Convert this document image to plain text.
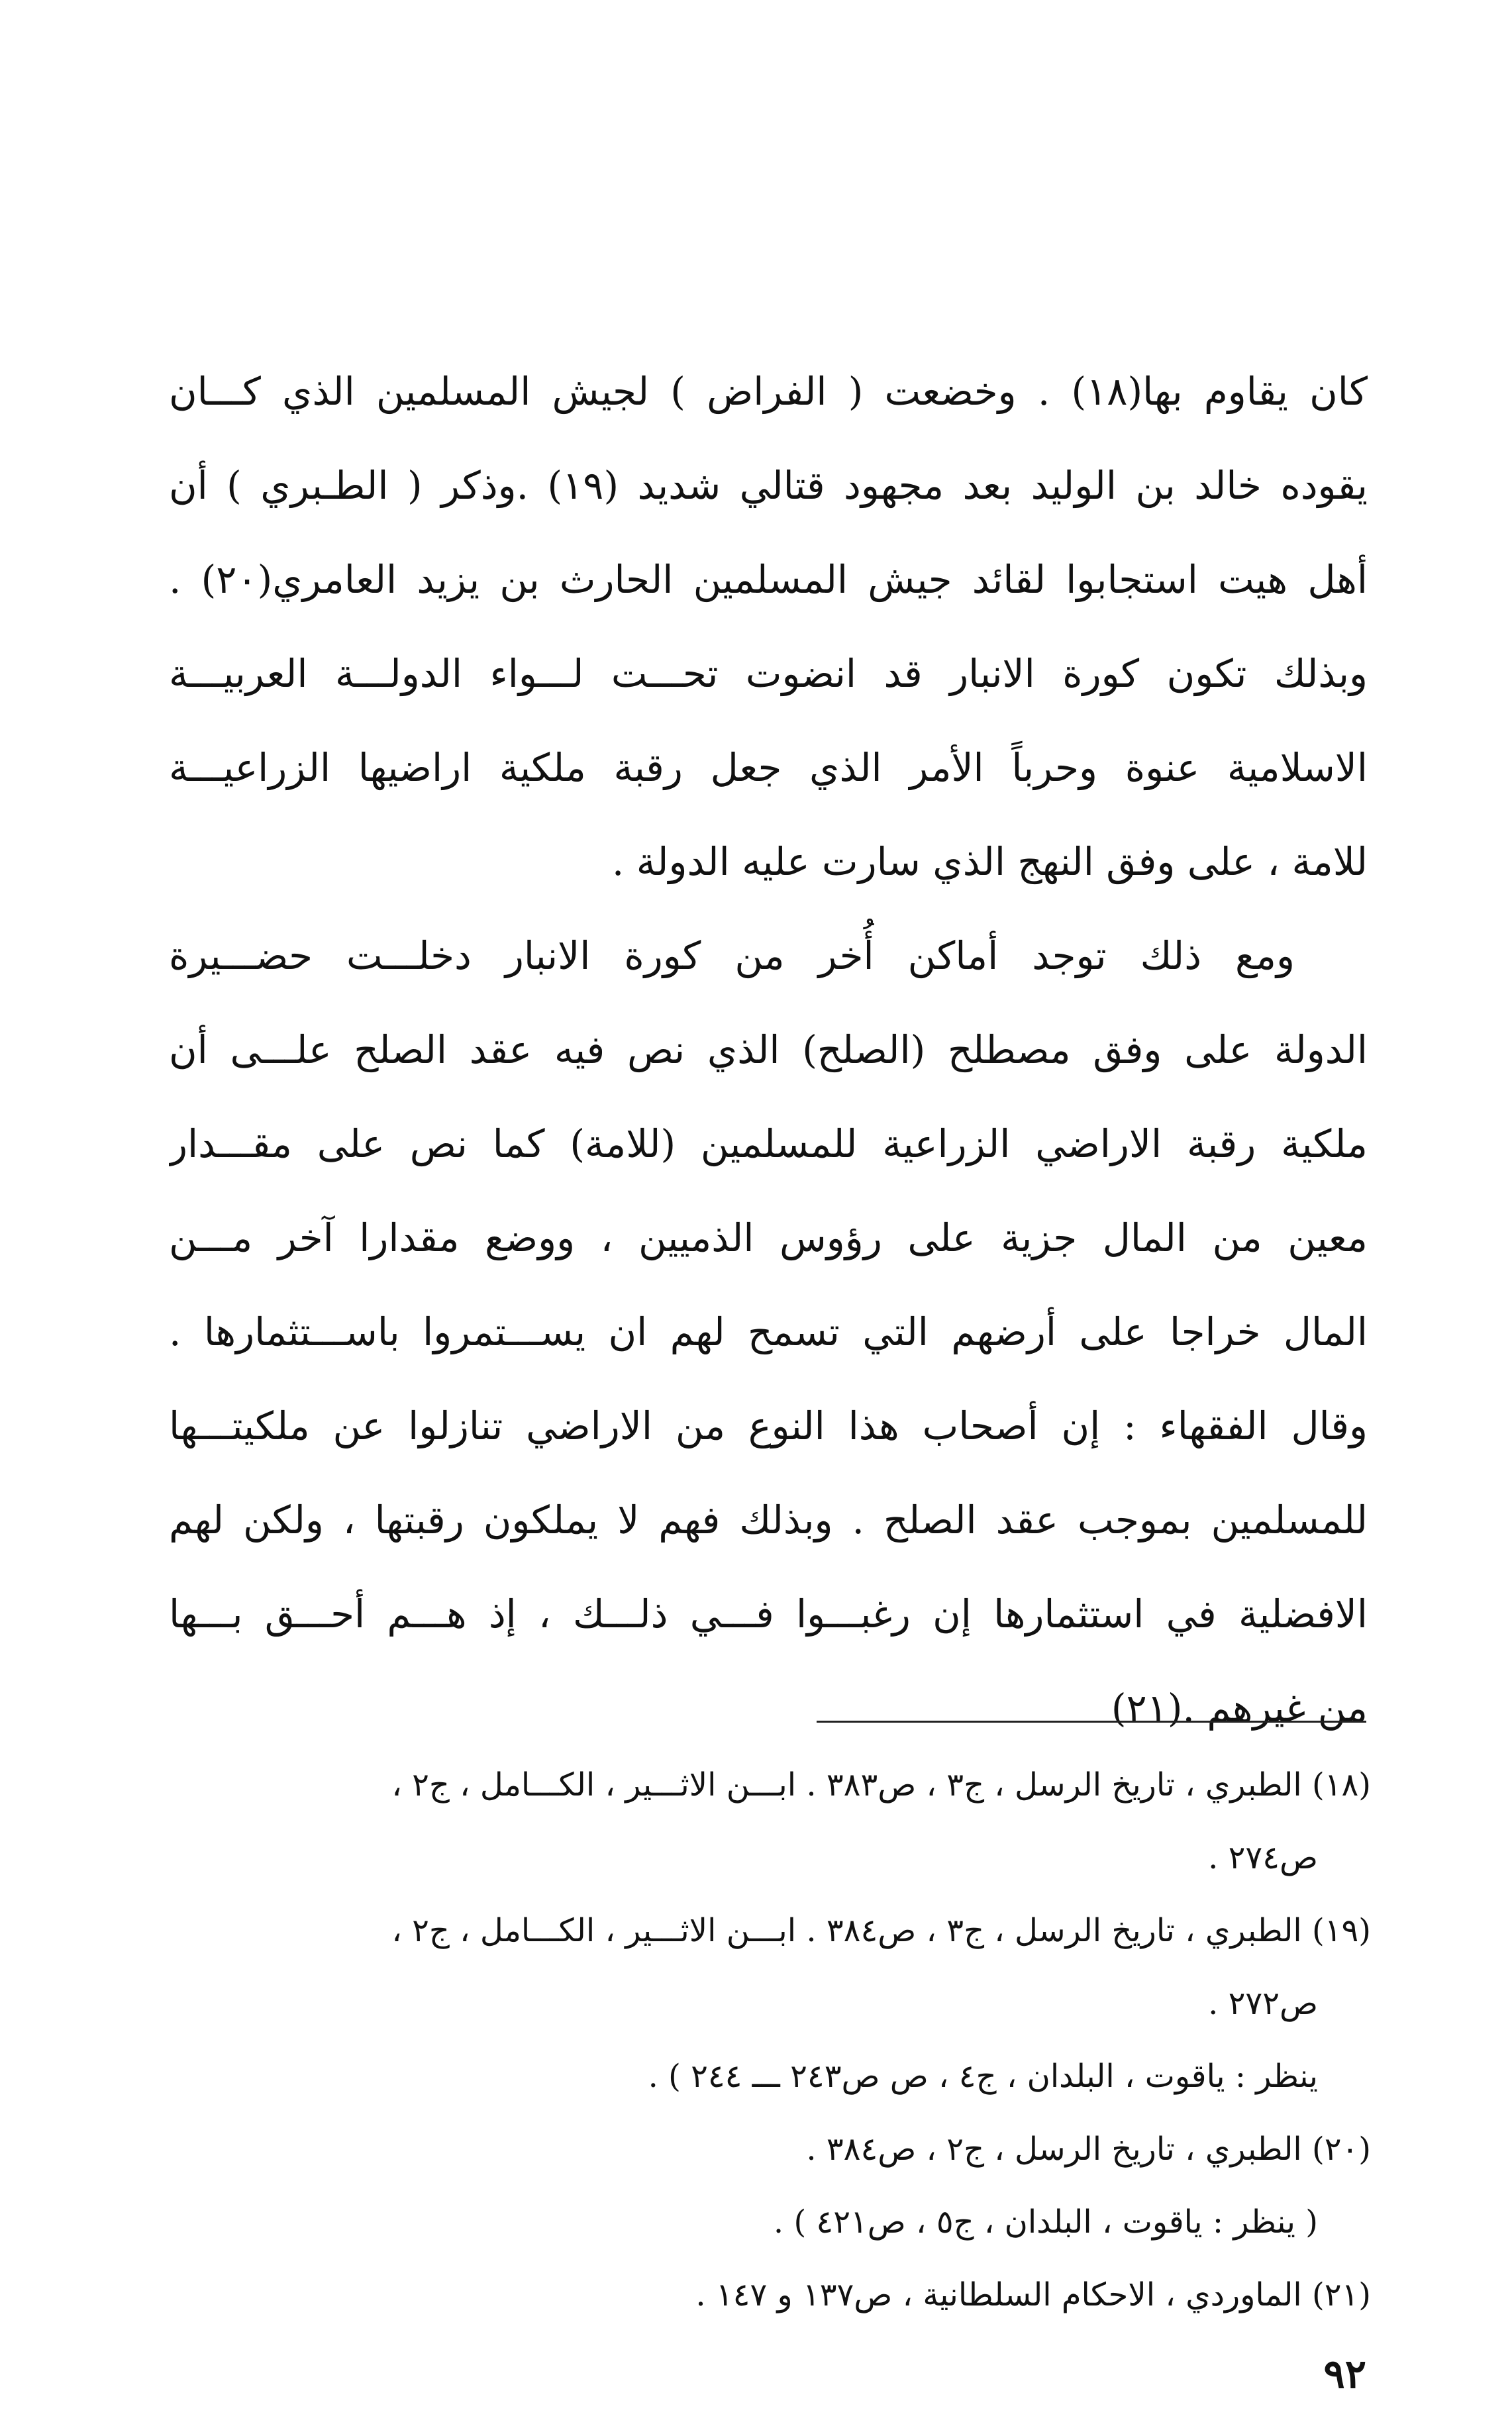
كان يقاوم بها(١٨) . وخضعت ( الفراض ) لجيش المسلمين الذي كـــان
يقوده خالد بن الوليد بعد مجهود قتالي شديد (١٩) .وذكر ( الطـبري ) أن
أهل هيت استجابوا لقائد جيش المسلمين الحارث بن يزيد العامري(٢٠) .
وبذلك تكون كورة الانبار قد انضوت تحـــت لـــواء الدولـــة العربيـــة
الاسلامية عنوة وحرباً الأمر الذي جعل رقبة ملكية اراضيها الزراعيـــة
للامة ، على وفق النهج الذي سارت عليه الدولة .
ومع ذلك توجد أماكن أُخر من كورة الانبار دخلـــت حضـــيرة
الدولة على وفق مصطلح (الصلح) الذي نص فيه عقد الصلح علـــى أن
ملكية رقبة الاراضي الزراعية للمسلمين (للامة) كما نص على مقـــدار
معين من المال جزية على رؤوس الذميين ، ووضع مقدارا آخر مـــن
المال خراجا على أرضهم التي تسمح لهم ان يســـتمروا باســـتثمارها .
وقال الفقهاء : إن أصحاب هذا النوع من الاراضي تنازلوا عن ملكيتـــها
للمسلمين بموجب عقد الصلح . وبذلك فهم لا يملكون رقبتها ، ولكن لهم
الافضلية في استثمارها إن رغبـــوا فـــي ذلـــك ، إذ هـــم أحـــق بـــها
من غيرهم .(٢١)
(١٨) الطبري ، تاريخ الرسل ، ج٣ ، ص٣٨٣ . ابـــن الاثـــير ، الكـــامل ، ج٢ ،
ص٢٧٤ .
(١٩) الطبري ، تاريخ الرسل ، ج٣ ، ص٣٨٤ . ابـــن الاثـــير ، الكـــامل ، ج٢ ،
ص٢٧٢ .
ينظر : ياقوت ، البلدان ، ج٤ ، ص ص٢٤٣ ـــ ٢٤٤ ) .
(٢٠) الطبري ، تاريخ الرسل ، ج٢ ، ص٣٨٤ .
( ينظر : ياقوت ، البلدان ، ج٥ ، ص٤٢١ ) .
(٢١) الماوردي ، الاحكام السلطانية ، ص١٣٧ و ١٤٧ .
٩٢
